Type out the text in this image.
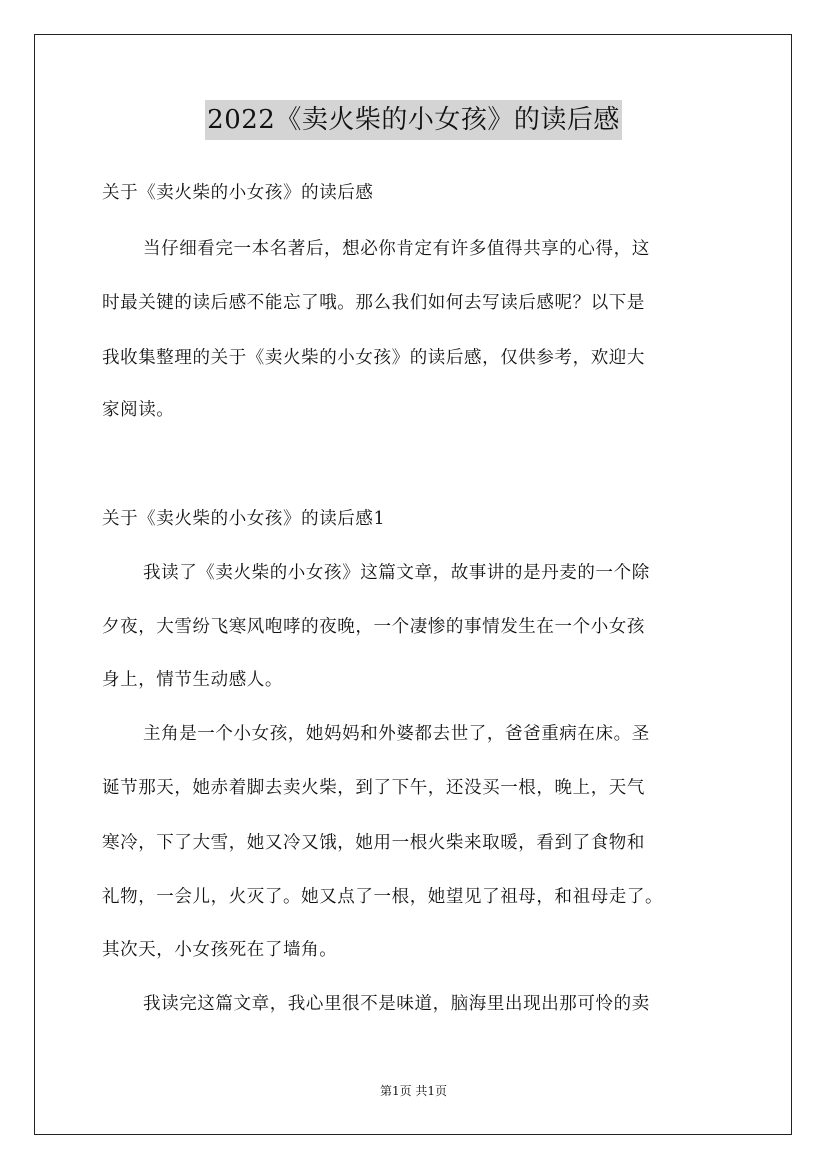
2022《卖火柴的小女孩》的读后感
关于《卖火柴的小女孩》的读后感
当仔细看完一本名著后，想必你肯定有许多值得共享的心得，这
时最关键的读后感不能忘了哦。那么我们如何去写读后感呢？以下是
我收集整理的关于《卖火柴的小女孩》的读后感，仅供参考，欢迎大
家阅读。
关于《卖火柴的小女孩》的读后感1
我读了《卖火柴的小女孩》这篇文章，故事讲的是丹麦的一个除
夕夜，大雪纷飞寒风咆哮的夜晚，一个凄惨的事情发生在一个小女孩
身上，情节生动感人。
主角是一个小女孩，她妈妈和外婆都去世了，爸爸重病在床。圣
诞节那天，她赤着脚去卖火柴，到了下午，还没买一根，晚上，天气
寒冷，下了大雪，她又冷又饿，她用一根火柴来取暖，看到了食物和
礼物，一会儿，火灭了。她又点了一根，她望见了祖母，和祖母走了。
其次天，小女孩死在了墙角。
我读完这篇文章，我心里很不是味道，脑海里出现出那可怜的卖
第1页 共1页
